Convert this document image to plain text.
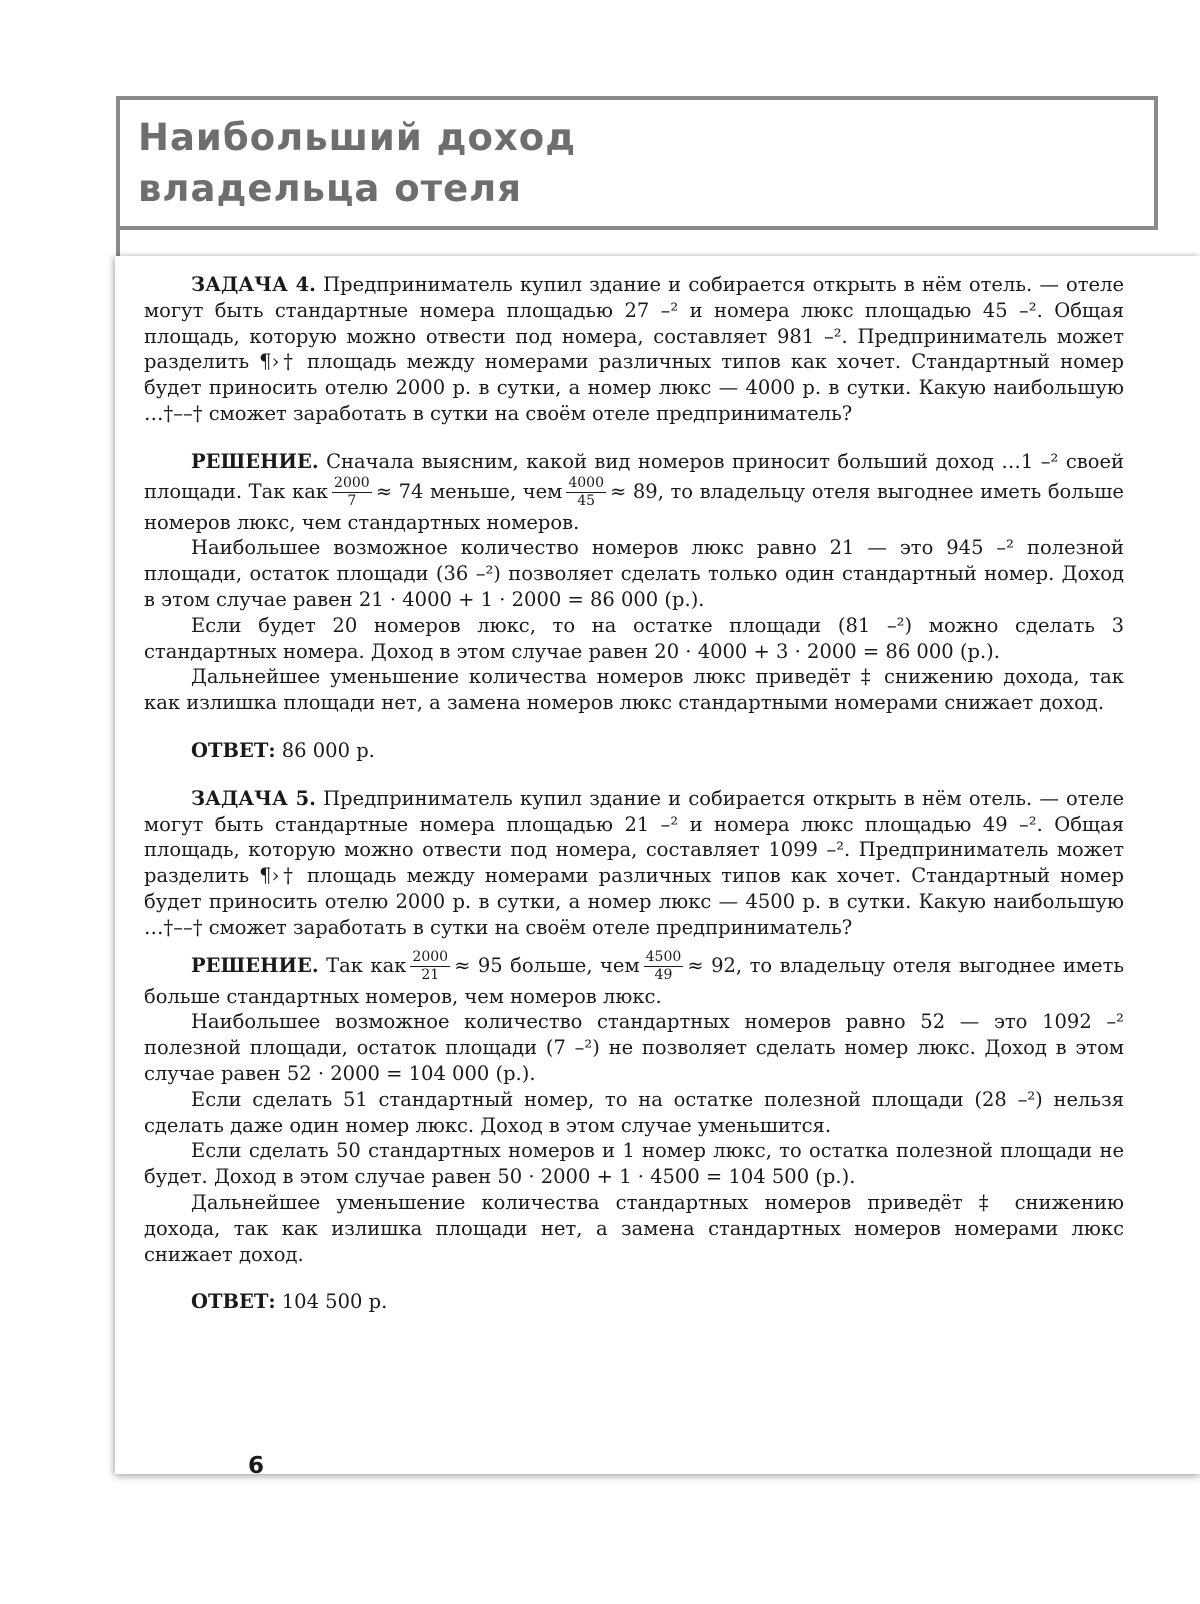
Наибольший доход
владельца отеля

ЗАДАЧА 4. Предприниматель купил здание и собирается открыть в нём отель. — отеле могут быть стандартные номера площадью 27 –² и номера люкс площадью 45 –². Общая площадь, которую можно отвести под номера, составляет 981 –². Предприниматель может разделить ¶›† площадь между номерами различных типов как хочет. Стандартный номер будет приносить отелю 2000 р. в сутки, а номер люкс — 4000 р. в сутки. Какую наибольшую …†––† сможет заработать в сутки на своём отеле предприниматель?

РЕШЕНИЕ. Сначала выясним, какой вид номеров приносит больший доход …1 –² своей площади. Так как $\frac{2000}{7} \approx 74$ меньше, чем $\frac{4000}{45} \approx 89$, то владельцу отеля выгоднее иметь больше номеров люкс, чем стандартных номеров.

Наибольшее возможное количество номеров люкс равно 21 — это 945 –² полезной площади, остаток площади (36 –²) позволяет сделать только один стандартный номер. Доход в этом случае равен 21 · 4000 + 1 · 2000 = 86 000 (р.).

Если будет 20 номеров люкс, то на остатке площади (81 –²) можно сделать 3 стандартных номера. Доход в этом случае равен 20 · 4000 + 3 · 2000 = 86 000 (р.).

Дальнейшее уменьшение количества номеров люкс приведёт ‡ снижению дохода, так как излишка площади нет, а замена номеров люкс стандартными номерами снижает доход.

ОТВЕТ: 86 000 р.

ЗАДАЧА 5. Предприниматель купил здание и собирается открыть в нём отель. — отеле могут быть стандартные номера площадью 21 –² и номера люкс площадью 49 –². Общая площадь, которую можно отвести под номера, составляет 1099 –². Предприниматель может разделить ¶›† площадь между номерами различных типов как хочет. Стандартный номер будет приносить отелю 2000 р. в сутки, а номер люкс — 4500 р. в сутки. Какую наибольшую …†––† сможет заработать в сутки на своём отеле предприниматель?

РЕШЕНИЕ. Так как $\frac{2000}{21} \approx 95$ больше, чем $\frac{4500}{49} \approx 92$, то владельцу отеля выгоднее иметь больше стандартных номеров, чем номеров люкс.

Наибольшее возможное количество стандартных номеров равно 52 — это 1092 –² полезной площади, остаток площади (7 –²) не позволяет сделать номер люкс. Доход в этом случае равен 52 · 2000 = 104 000 (р.).

Если сделать 51 стандартный номер, то на остатке полезной площади (28 –²) нельзя сделать даже один номер люкс. Доход в этом случае уменьшится.

Если сделать 50 стандартных номеров и 1 номер люкс, то остатка полезной площади не будет. Доход в этом случае равен 50 · 2000 + 1 · 4500 = 104 500 (р.).

Дальнейшее уменьшение количества стандартных номеров приведёт ‡ снижению дохода, так как излишка площади нет, а замена стандартных номеров номерами люкс снижает доход.

ОТВЕТ: 104 500 р.

6
